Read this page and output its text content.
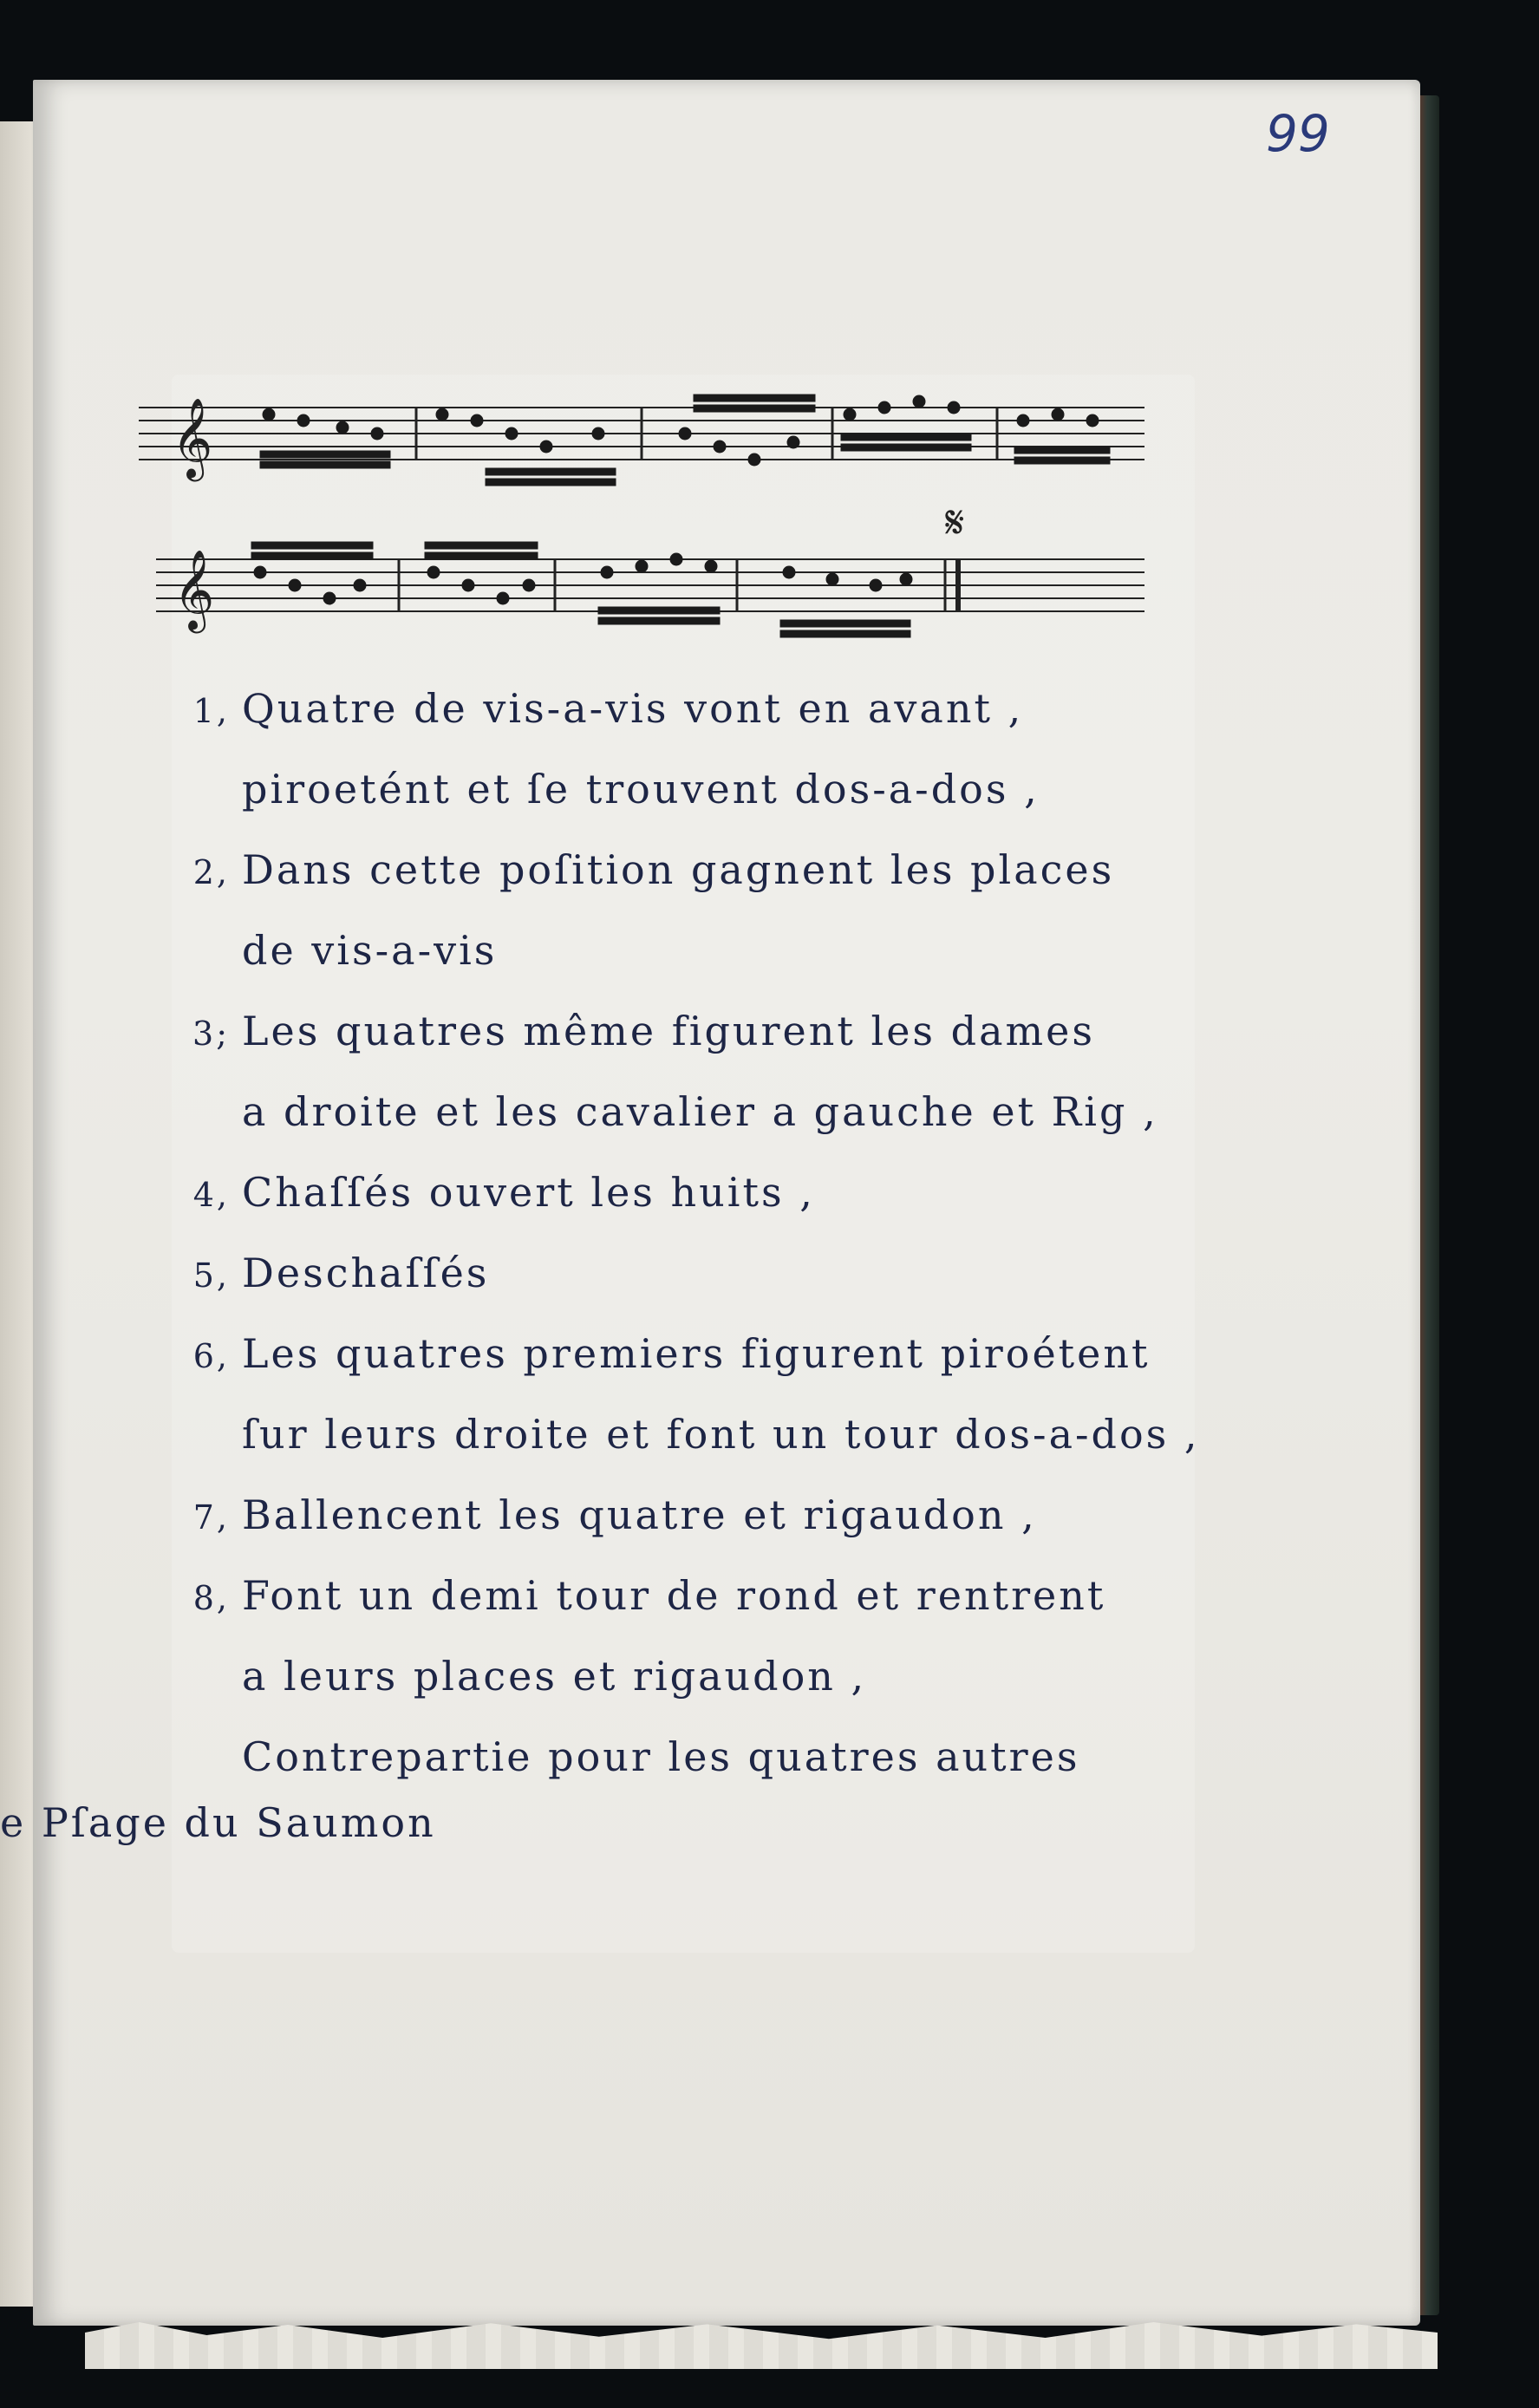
99
𝄞
𝄞
𝄋
1, Quatre de vis-a-vis vont en avant ,
piroetént et ſe trouvent dos-a-dos ,
2, Dans cette poſition gagnent les places
de vis-a-vis
3; Les quatres même figurent les dames
a droite et les cavalier a gauche et Rig ,
4, Chaſſés ouvert les huits ,
5, Deschaſſés
6, Les quatres premiers figurent piroétent
ſur leurs droite et font un tour dos-a-dos ,
7, Ballencent les quatre et rigaudon ,
8, Font un demi tour de rond et rentrent
a leurs places et rigaudon ,
Contrepartie pour les quatres autres
e Pſage du Saumon
